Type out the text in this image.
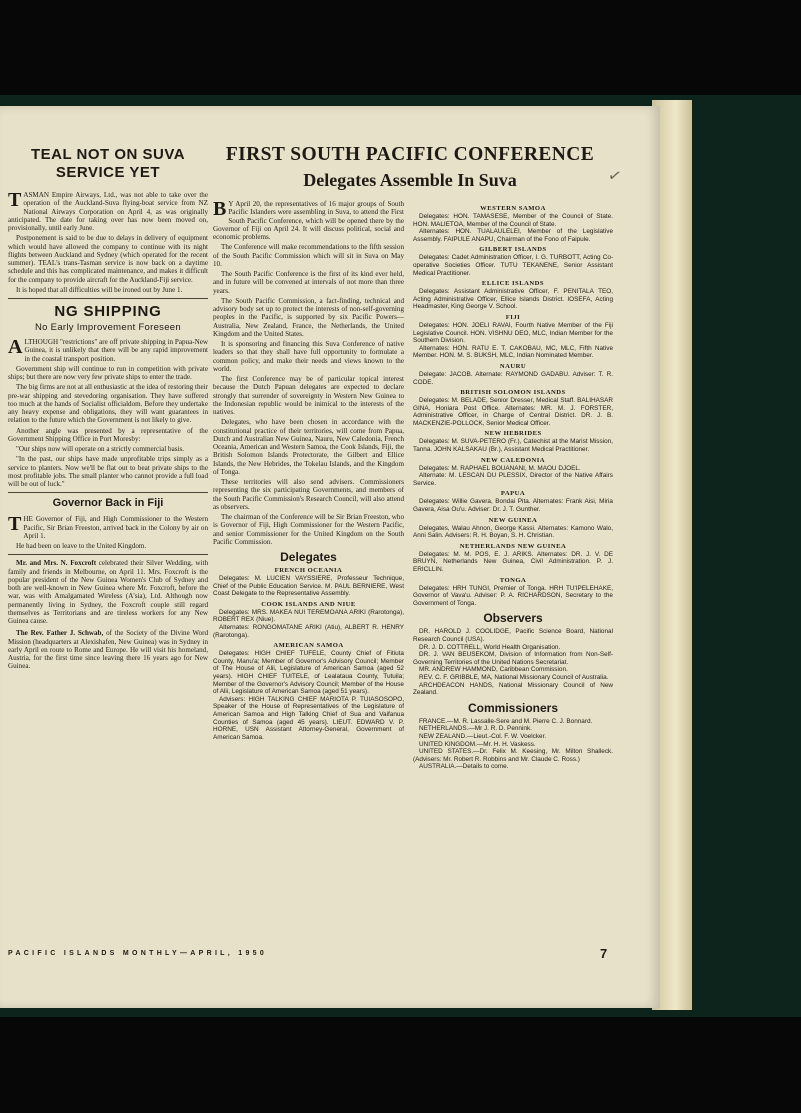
TEAL NOT ON SUVA SERVICE YET

TASMAN Empire Airways, Ltd., was not able to take over the operation of the Auckland-Suva flying-boat service from NZ National Airways Corporation on April 4, as was originally anticipated. The date for taking over has now been moved on, provisionally, until early June.

Postponement is said to be due to delays in delivery of equipment which would have allowed the company to continue with its night flights between Auckland and Sydney (which operated for the recent summer). TEAL's trans-Tasman service is now back on a daytime schedule and this has complicated maintenance, and makes it difficult for the company to provide aircraft for the Auckland-Fiji service.

It is hoped that all difficulties will be ironed out by June 1.

NG SHIPPING
No Early Improvement Foreseen

ALTHOUGH "restrictions" are off private shipping in Papua-New Guinea, it is unlikely that there will be any rapid improvement in the coastal transport position.

Government ship will continue to run in competition with private ships; but there are now very few private ships to enter the trade.

The big firms are not at all enthusiastic at the idea of restoring their pre-war shipping and stevedoring organisation. They have suffered too much at the hands of Socialist officialdom. Before they undertake any heavy expense and obligations, they will want guarantees in relation to the future which the Government is not likely to give.

Another angle was presented by a representative of the Government Shipping Office in Port Moresby:

"Our ships now will operate on a strictly commercial basis.

"In the past, our ships have made unprofitable trips simply as a service to planters. Now we'll be flat out to beat private ships to the most profitable jobs. The small planter who cannot provide a full load will be out of luck."

Governor Back in Fiji

THE Governor of Fiji, and High Commissioner to the Western Pacific, Sir Brian Freeston, arrived back in the Colony by air on April 1.

He had been on leave to the United Kingdom.

Mr. and Mrs. N. Foxcroft celebrated their Silver Wedding, with family and friends in Melbourne, on April 11. Mrs. Foxcroft is the popular president of the New Guinea Women's Club of Sydney and both are well-known in New Guinea where Mr. Foxcroft, before the war, was with Amalgamated Wireless (A'sia), Ltd. Although now permanently living in Sydney, the Foxcroft couple still regard themselves as Territorians and are tireless workers for any New Guinea cause.

The Rev. Father J. Schwab, of the Society of the Divine Word Mission (headquarters at Alexishafen, New Guinea) was in Sydney in early April en route to Rome and Europe. He will visit his homeland, Austria, for the first time since leaving there 16 years ago for New Guinea.

FIRST SOUTH PACIFIC CONFERENCE
Delegates Assemble In Suva	✓

B Y April 20, the representatives of 16 major groups of South Pacific Islanders were assembling in Suva, to attend the First South Pacific Conference, which will be opened there by the Governor of Fiji on April 24. It will discuss political, social and economic problems.

The Conference will make recommendations to the fifth session of the South Pacific Commission which will sit in Suva on May 10.

The South Pacific Conference is the first of its kind ever held, and in future will be convened at intervals of not more than three years.

The South Pacific Commission, a fact-finding, technical and advisory body set up to protect the interests of non-self-governing peoples in the Pacific, is supported by six Pacific Powers—Australia, New Zealand, France, the Netherlands, the United Kingdom and the United States.

It is sponsoring and financing this Suva Conference of native leaders so that they shall have full opportunity to formulate a common policy, and make their needs and views known to the world.

The first Conference may be of particular topical interest because the Dutch Papuan delegates are expected to declare strongly that surrender of sovereignty in Western New Guinea to the Indonesian republic would be inimical to the interests of the natives.

Delegates, who have been chosen in accordance with the constitutional practice of their territories, will come from Papua, Dutch and Australian New Guinea, Nauru, New Caledonia, French Oceania, American and Western Samoa, the Cook Islands, Fiji, the British Solomon Islands Protectorate, the Gilbert and Ellice Islands, the New Hebrides, the Tokelau Islands, and the Kingdom of Tonga.

These territories will also send advisers. Commissioners representing the six participating Governments, and members of the South Pacific Commission's Research Council, will also attend as observers.

The chairman of the Conference will be Sir Brian Freeston, who is Governor of Fiji, High Commissioner for the Western Pacific, and senior Commissioner for the United Kingdom on the South Pacific Commission.

Delegates
FRENCH OCEANIA

Delegates: M. LUCIEN VAYSSIERE, Professeur Technique, Chief of the Public Education Service. M. PAUL BERNIERE, West Coast Delegate to the Representative Assembly.

COOK ISLANDS AND NIUE

Delegates: MRS. MAKEA NUI TEREMOANA ARIKI (Rarotonga), ROBERT REX (Niue).

Alternates: RONGOMATANE ARIKI (Atiu), ALBERT R. HENRY (Rarotonga).

AMERICAN SAMOA

Delegates: HIGH CHIEF TUFELE, County Chief of Fitiuta County, Manu'a; Member of Governor's Advisory Council; Member of The House of Alii, Legislature of American Samoa (aged 52 years). HIGH CHIEF TUITELE, of Lealataua County, Tutuila; Member of the Governor's Advisory Council; Member of the House of Alii, Legislature of American Samoa (aged 51 years).

Advisers: HIGH TALKING CHIEF MARIOTA P. TUIASOSOPO, Speaker of the House of Representatives of the Legislature of American Samoa and High Talking Chief of Sua and Vaifanua Counties of Samoa (aged 45 years). LIEUT. EDWARD V. P. HORNE, USN Assistant Attorney-General, Government of American Samoa.

WESTERN SAMOA

Delegates: HON. TAMASESE, Member of the Council of State. HON. MALIETOA, Member of the Council of State.

Alternates: HON. TUALAULELEI, Member of the Legislative Assembly. FAIPULE ANAPU, Chairman of the Fono of Faipule.

GILBERT ISLANDS

Delegates: Cadet Administration Officer, I. G. TURBOTT, Acting Co-operative Societies Officer. TUTU TEKANENE, Senior Assistant Medical Practitioner.

ELLICE ISLANDS

Delegates: Assistant Administrative Officer, F. PENITALA TEO, Acting Administrative Officer, Ellice Islands District. IOSEFA, Acting Headmaster, King George V. School.

FIJI

Delegates: HON. JOELI RAVAI, Fourth Native Member of the Fiji Legislative Council. HON. VISHNU DEO, MLC, Indian Member for the Southern Division.

Alternates: HON. RATU E. T. CAKOBAU, MC, MLC, Fifth Native Member. HON. M. S. BUKSH, MLC, Indian Nominated Member.

NAURU

Delegate: JACOB. Alternate: RAYMOND GADABU. Adviser: T. R. CODE.

BRITISH SOLOMON ISLANDS

Delegates: M. BELADE, Senior Dresser, Medical Staff. BALIHASAR GINA, Honiara Post Office. Alternates: MR. M. J. FORSTER, Administrative Officer, in Charge of Central District. DR. J. B. MACKENZIE-POLLOCK, Senior Medical Officer.

NEW HEBRIDES

Delegates: M. SUVA-PETERO (Fr.), Catechist at the Marist Mission, Tanna. JOHN KALSAKAU (Br.), Assistant Medical Practitioner.

NEW CALEDONIA

Delegates: M. RAPHAEL BOUANANI, M. MAOU DJOEL.

Alternate: M. LESCAN DU PLESSIX, Director of the Native Affairs Service.

PAPUA

Delegates: Willie Gavera, Bondai Pita. Alternates: Frank Aisi, Miria Gavera, Aisa Ou'u. Adviser: Dr. J. T. Gunther.

NEW GUINEA

Delegates, Walau Ahnon, George Kassi. Alternates: Kamono Walo, Anni Salin. Advisers: R. H. Boyan, S. H. Christian.

NETHERLANDS NEW GUINEA

Delegates: M. M. POS, E. J. ARIKS. Alternates: DR. J. V. DE BRUYN, Netherlands New Guinea, Civil Administration. P. J. ERICLLIN.

TONGA

Delegates: HRH TUNGI, Premier of Tonga. HRH TU'IPELEHAKE, Governor of Vava'u. Adviser: P. A. RICHARDSON, Secretary to the Government of Tonga.

Observers

DR. HAROLD J. COOLIDGE, Pacific Science Board, National Research Council (USA).

DR. J. D. COTTRELL, World Health Organisation.

DR. J. VAN BEUSEKOM, Division of Information from Non-Self-Governing Territories of the United Nations Secretariat.

MR. ANDREW HAMMOND, Caribbean Commission.

REV. C. F. GRIBBLE, MA, National Missionary Council of Australia.

ARCHDEACON HANDS, National Missionary Council of New Zealand.

Commissioners

FRANCE.—M. R. Lassalle-Sere and M. Pierre C. J. Bonnard.

NETHERLANDS.—Mr J. R. D. Pennink.

NEW ZEALAND.—Lieut.-Col. F. W. Voelcker.

UNITED KINGDOM.—Mr. H. H. Vaskess.

UNITED STATES.—Dr. Felix M. Keesing, Mr. Milton Shalleck. (Advisers: Mr. Robert R. Robbins and Mr. Claude C. Ross.)

AUSTRALIA.—Details to come.

PACIFIC ISLANDS MONTHLY—APRIL, 1950	7
